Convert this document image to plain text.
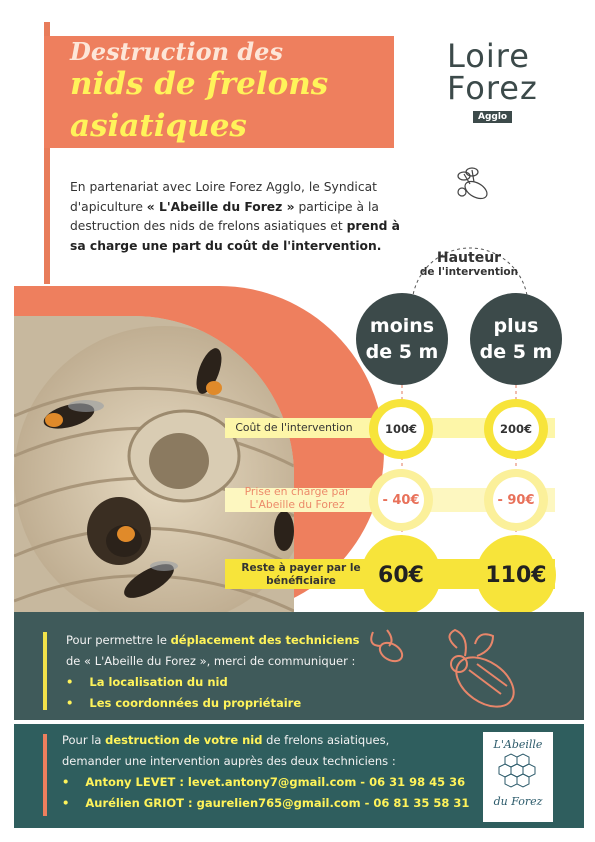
Destruction des
nids de frelons
asiatiques
Loire
Forez
Agglo
En partenariat avec Loire Forez Agglo, le Syndicat d'apiculture « L'Abeille du Forez » participe à la destruction des nids de frelons asiatiques et prend à sa charge une part du coût de l'intervention.
Hauteur
de l'intervention
moins
de 5 m
plus
de 5 m
Coût de l'intervention	100€	200€
Prise en charge par L'Abeille du Forez	- 40€	- 90€
Reste à payer par le bénéficiaire	60€	110€
Pour permettre le déplacement des techniciens
de « L'Abeille du Forez », merci de communiquer :
•    La localisation du nid
•    Les coordonnées du propriétaire
Pour la destruction de votre nid de frelons asiatiques,
demander une intervention auprès des deux techniciens :
•    Antony LEVET : levet.antony7@gmail.com - 06 31 98 45 36
•    Aurélien GRIOT : gaurelien765@gmail.com - 06 81 35 58 31
L'Abeille
du Forez
